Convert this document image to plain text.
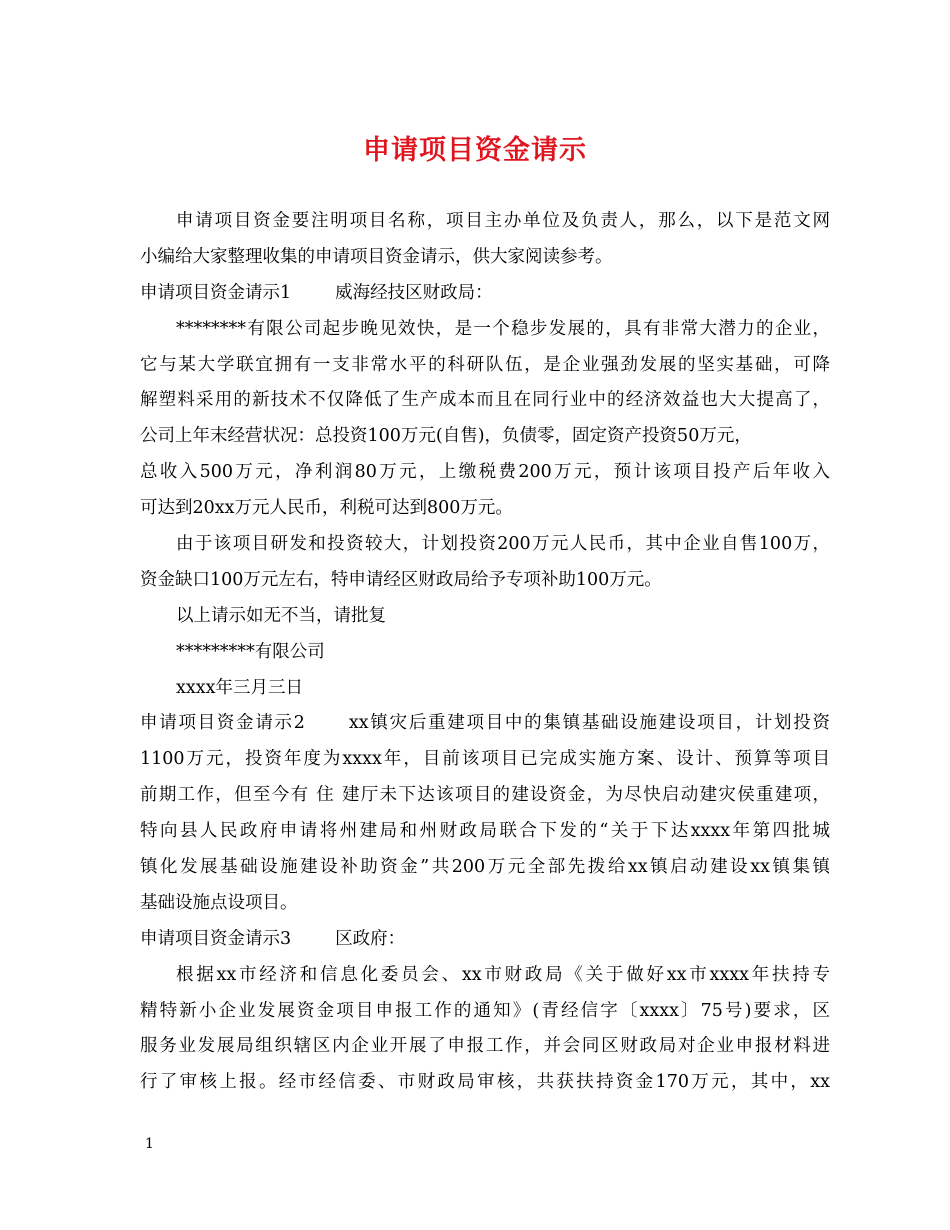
申请项目资金请示
申请项目资金要注明项目名称，项目主办单位及负责人，那么，以下是范文网
小编给大家整理收集的申请项目资金请示，供大家阅读参考。
申请项目资金请示1	威海经技区财政局：
********有限公司起步晚见效快，是一个稳步发展的，具有非常大潜力的企业，
它与某大学联宜拥有一支非常水平的科研队伍，是企业强劲发展的坚实基础，可降
解塑料采用的新技术不仅降低了生产成本而且在同行业中的经济效益也大大提高了，
公司上年末经营状况：总投资100万元(自售)，负债零，固定资产投资50万元，
总收入500万元，净利润80万元，上缴税费200万元，预计该项目投产后年收入
可达到20xx万元人民币，利税可达到800万元。
由于该项目研发和投资较大，计划投资200万元人民币，其中企业自售100万，
资金缺口100万元左右，特申请经区财政局给予专项补助100万元。
以上请示如无不当，请批复
*********有限公司
xxxx年三月三日
申请项目资金请示2	xx镇灾后重建项目中的集镇基础设施建设项目，计划投资
1100万元，投资年度为xxxx年，目前该项目已完成实施方案、设计、预算等项目
前期工作，但至今有 住 建厅未下达该项目的建设资金，为尽快启动建灾侯重建项，
特向县人民政府申请将州建局和州财政局联合下发的“关于下达xxxx年第四批城
镇化发展基础设施建设补助资金”共200万元全部先拨给xx镇启动建设xx镇集镇
基础设施点设项目。
申请项目资金请示3	区政府：
根据xx市经济和信息化委员会、xx市财政局《关于做好xx市xxxx年扶持专
精特新小企业发展资金项目申报工作的通知》(青经信字〔xxxx〕75号)要求，区
服务业发展局组织辖区内企业开展了申报工作，并会同区财政局对企业申报材料进
行了审核上报。经市经信委、市财政局审核，共获扶持资金170万元，其中，xx
1
